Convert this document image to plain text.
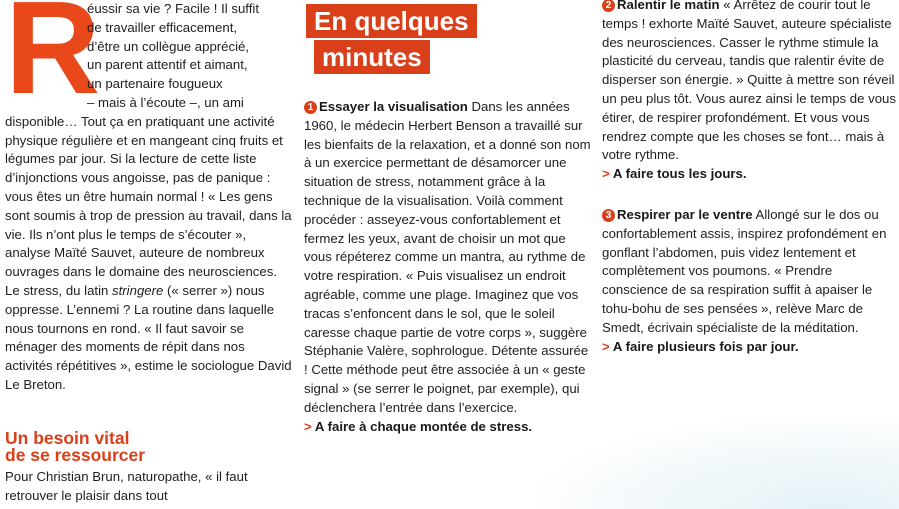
R
éussir sa vie ? Facile ! Il suffit
de travailler efficacement,
d’être un collègue apprécié,
un parent attentif et aimant,
un partenaire fougueux
– mais à l’écoute –, un ami
disponible… Tout ça en pratiquant une activité physique régulière et en mangeant cinq fruits et légumes par jour. Si la lecture de cette liste d’injonctions vous angoisse, pas de panique : vous êtes un être humain normal ! « Les gens sont soumis à trop de pression au travail, dans la vie. Ils n’ont plus le temps de s’écouter », analyse Maïté Sauvet, auteure de nombreux ouvrages dans le domaine des neurosciences. Le stress, du latin stringere (« serrer ») nous oppresse. L’ennemi ? La routine dans laquelle nous tournons en rond. « Il faut savoir se ménager des moments de répit dans nos activités répétitives », estime le sociologue David Le Breton.

Un besoin vital
de se ressourcer

Pour Christian Brun, naturopathe, « il faut retrouver le plaisir dans tout

En quelques
minutes

1 Essayer la visualisation Dans les années 1960, le médecin Herbert Benson a travaillé sur les bienfaits de la relaxation, et a donné son nom à un exercice permettant de désamorcer une situation de stress, notamment grâce à la technique de la visualisation. Voilà comment procéder : asseyez-vous confortablement et fermez les yeux, avant de choisir un mot que vous répéterez comme un mantra, au rythme de votre respiration. « Puis visualisez un endroit agréable, comme une plage. Imaginez que vos tracas s’enfoncent dans le sol, que le soleil caresse chaque partie de votre corps », suggère Stéphanie Valère, sophrologue. Détente assurée ! Cette méthode peut être associée à un « geste signal » (se serrer le poignet, par exemple), qui déclenchera l’entrée dans l’exercice.
> A faire à chaque montée de stress.

2 Ralentir le matin « Arrêtez de courir tout le temps ! exhorte Maïté Sauvet, auteure spécialiste des neurosciences. Casser le rythme stimule la plasticité du cerveau, tandis que ralentir évite de disperser son énergie. » Quitte à mettre son réveil un peu plus tôt. Vous aurez ainsi le temps de vous étirer, de respirer profondément. Et vous vous rendrez compte que les choses se font… mais à votre rythme.
> A faire tous les jours.

3 Respirer par le ventre Allongé sur le dos ou confortablement assis, inspirez profondément en gonflant l’abdomen, puis videz lentement et complètement vos poumons. « Prendre conscience de sa respiration suffit à apaiser le tohu-bohu de ses pensées », relève Marc de Smedt, écrivain spécialiste de la méditation.
> A faire plusieurs fois par jour.
